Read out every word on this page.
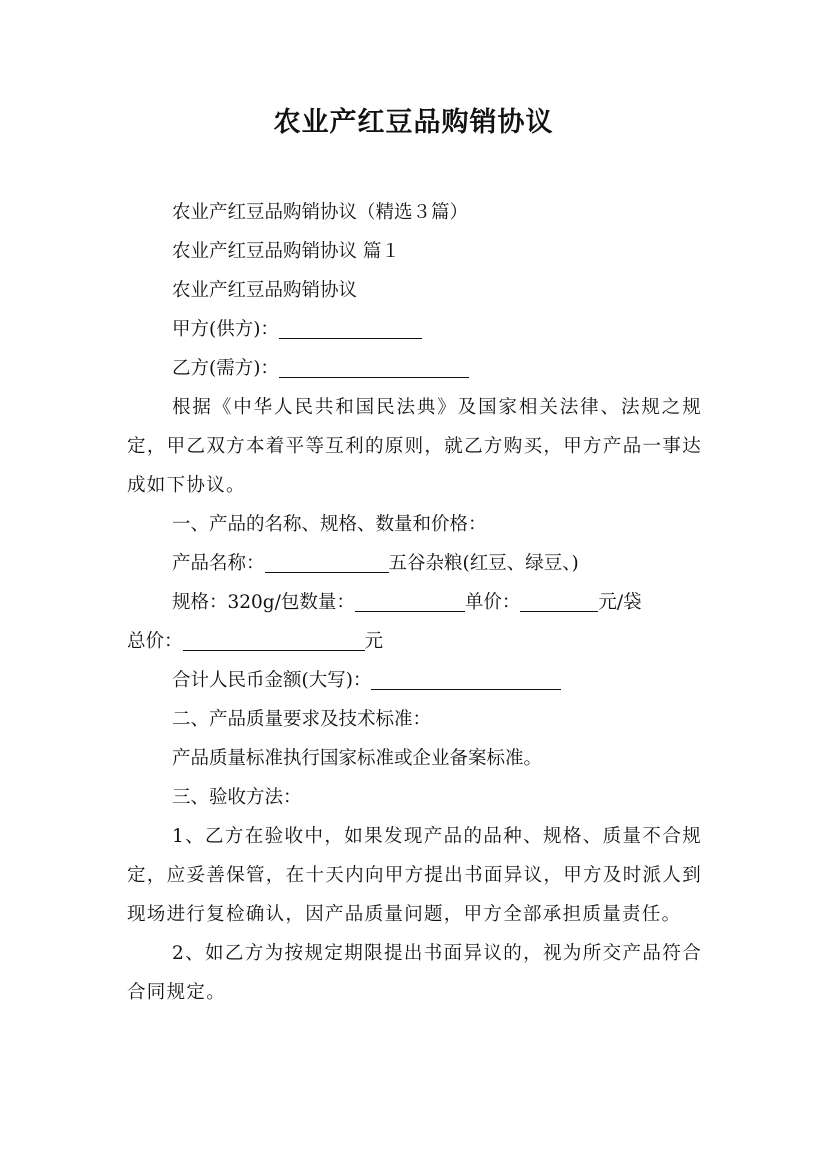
农业产红豆品购销协议
农业产红豆品购销协议（精选３篇）
农业产红豆品购销协议 篇１
农业产红豆品购销协议
甲方(供方)：
乙方(需方)：

根据《中华人民共和国民法典》及国家相关法律、法规之规定，甲乙双方本着平等互利的原则，就乙方购买，甲方产品一事达成如下协议。

一、产品的名称、规格、数量和价格：
产品名称：	五谷杂粮(红豆、绿豆、)
规格：320g/包数量：	单价：	元/袋
总价：	元
合计人民币金额(大写)：
二、产品质量要求及技术标准：
产品质量标准执行国家标准或企业备案标准。
三、验收方法：

1、乙方在验收中，如果发现产品的品种、规格、质量不合规定，应妥善保管，在十天内向甲方提出书面异议，甲方及时派人到现场进行复检确认，因产品质量问题，甲方全部承担质量责任。

2、如乙方为按规定期限提出书面异议的，视为所交产品符合合同规定。
